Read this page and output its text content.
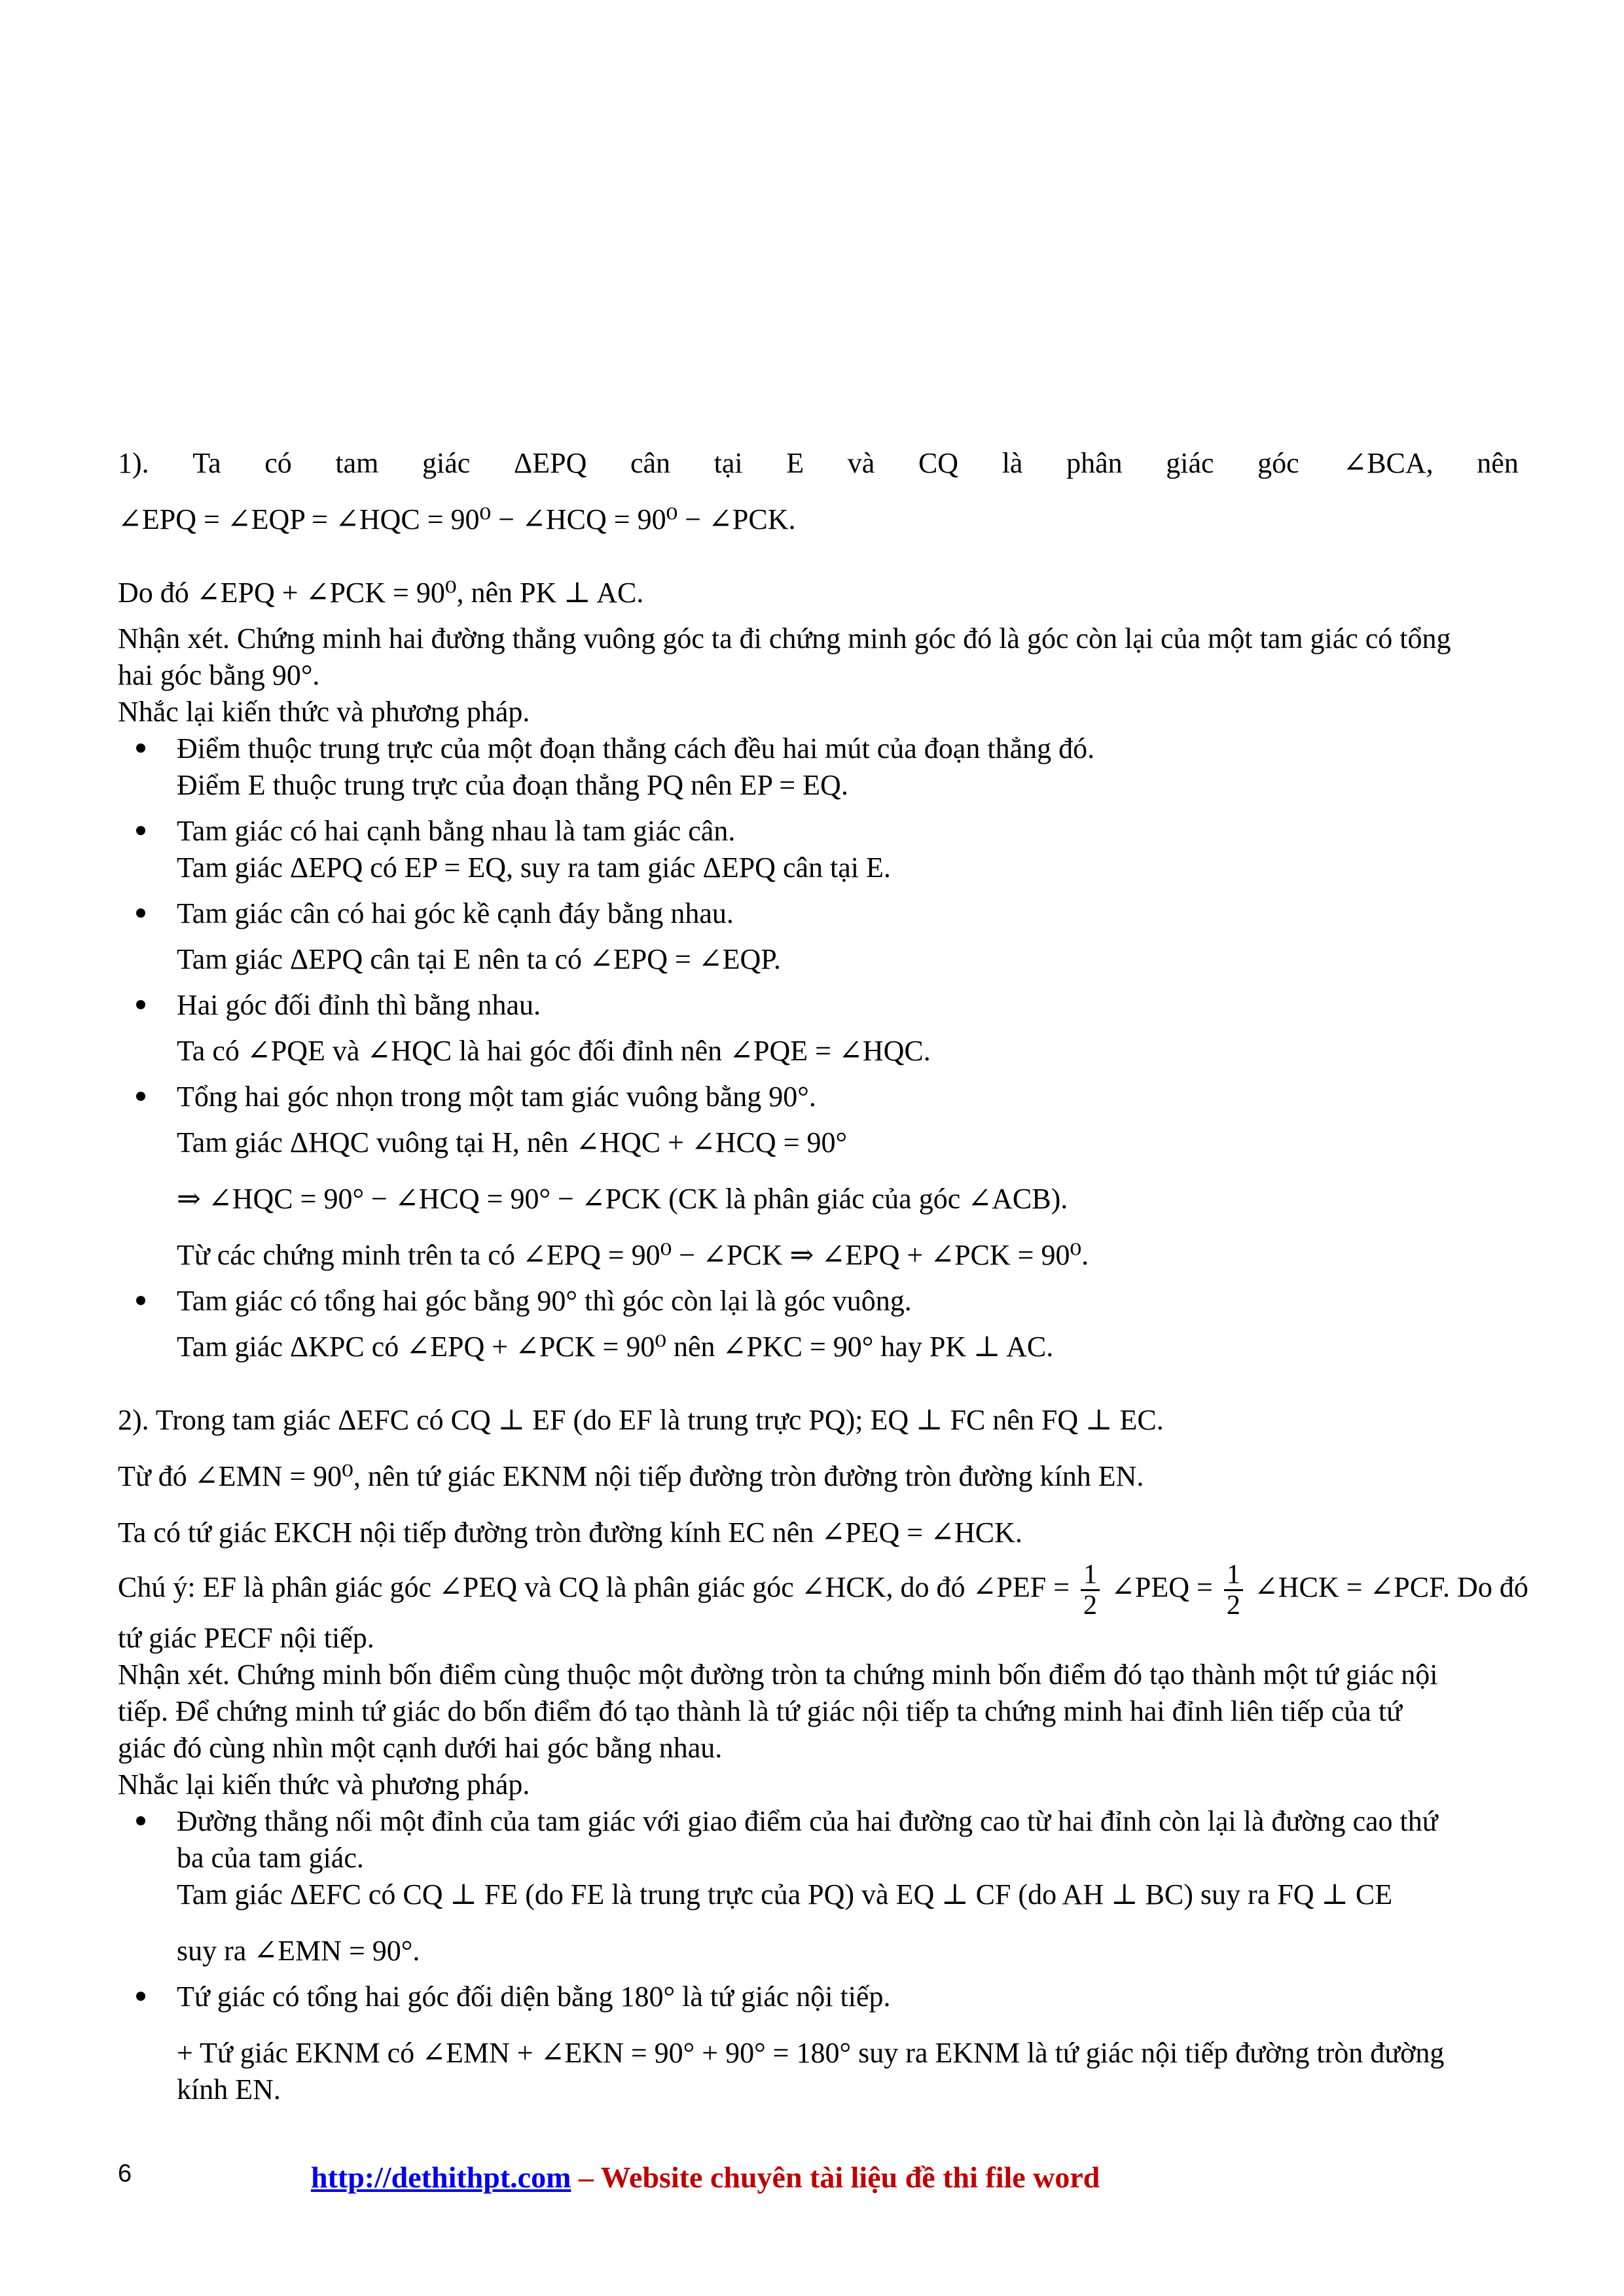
1). Ta có tam giác ΔEPQ cân tại E và CQ là phân giác góc ∠BCA, nên

∠EPQ = ∠EQP = ∠HQC = 90⁰ − ∠HCQ = 90⁰ − ∠PCK.

Do đó ∠EPQ + ∠PCK = 90⁰, nên PK ⊥ AC.

Nhận xét. Chứng minh hai đường thẳng vuông góc ta đi chứng minh góc đó là góc còn lại của một tam giác có tổng

hai góc bằng 90°.

Nhắc lại kiến thức và phương pháp.

Điểm thuộc trung trực của một đoạn thẳng cách đều hai mút của đoạn thẳng đó.

Điểm E thuộc trung trực của đoạn thẳng PQ nên EP = EQ.

Tam giác có hai cạnh bằng nhau là tam giác cân.

Tam giác ΔEPQ có EP = EQ, suy ra tam giác ΔEPQ cân tại E.

Tam giác cân có hai góc kề cạnh đáy bằng nhau.

Tam giác ΔEPQ cân tại E nên ta có ∠EPQ = ∠EQP.

Hai góc đối đỉnh thì bằng nhau.

Ta có ∠PQE và ∠HQC là hai góc đối đỉnh nên ∠PQE = ∠HQC.

Tổng hai góc nhọn trong một tam giác vuông bằng 90°.

Tam giác ΔHQC vuông tại H, nên ∠HQC + ∠HCQ = 90°

⇒ ∠HQC = 90° − ∠HCQ = 90° − ∠PCK (CK là phân giác của góc ∠ACB).

Từ các chứng minh trên ta có ∠EPQ = 90⁰ − ∠PCK ⇒ ∠EPQ + ∠PCK = 90⁰.

Tam giác có tổng hai góc bằng 90° thì góc còn lại là góc vuông.

Tam giác ΔKPC có ∠EPQ + ∠PCK = 90⁰ nên ∠PKC = 90° hay PK ⊥ AC.

2). Trong tam giác ΔEFC có CQ ⊥ EF (do EF là trung trực PQ); EQ ⊥ FC nên FQ ⊥ EC.

Từ đó ∠EMN = 90⁰, nên tứ giác EKNM nội tiếp đường tròn đường tròn đường kính EN.

Ta có tứ giác EKCH nội tiếp đường tròn đường kính EC nên ∠PEQ = ∠HCK.

Chú ý: EF là phân giác góc ∠PEQ và CQ là phân giác góc ∠HCK, do đó ∠PEF = $\frac{1}{2}$ ∠PEQ = $\frac{1}{2}$ ∠HCK = ∠PCF. Do đó

tứ giác PECF nội tiếp.

Nhận xét. Chứng minh bốn điểm cùng thuộc một đường tròn ta chứng minh bốn điểm đó tạo thành một tứ giác nội

tiếp. Để chứng minh tứ giác do bốn điểm đó tạo thành là tứ giác nội tiếp ta chứng minh hai đỉnh liên tiếp của tứ

giác đó cùng nhìn một cạnh dưới hai góc bằng nhau.

Nhắc lại kiến thức và phương pháp.

Đường thẳng nối một đỉnh của tam giác với giao điểm của hai đường cao từ hai đỉnh còn lại là đường cao thứ

ba của tam giác.

Tam giác ΔEFC có CQ ⊥ FE (do FE là trung trực của PQ) và EQ ⊥ CF (do AH ⊥ BC) suy ra FQ ⊥ CE

suy ra ∠EMN = 90°.

Tứ giác có tổng hai góc đối diện bằng 180° là tứ giác nội tiếp.

+ Tứ giác EKNM có ∠EMN + ∠EKN = 90° + 90° = 180° suy ra EKNM là tứ giác nội tiếp đường tròn đường

kính EN.

6	http://dethithpt.com – Website chuyên tài liệu đề thi file word
